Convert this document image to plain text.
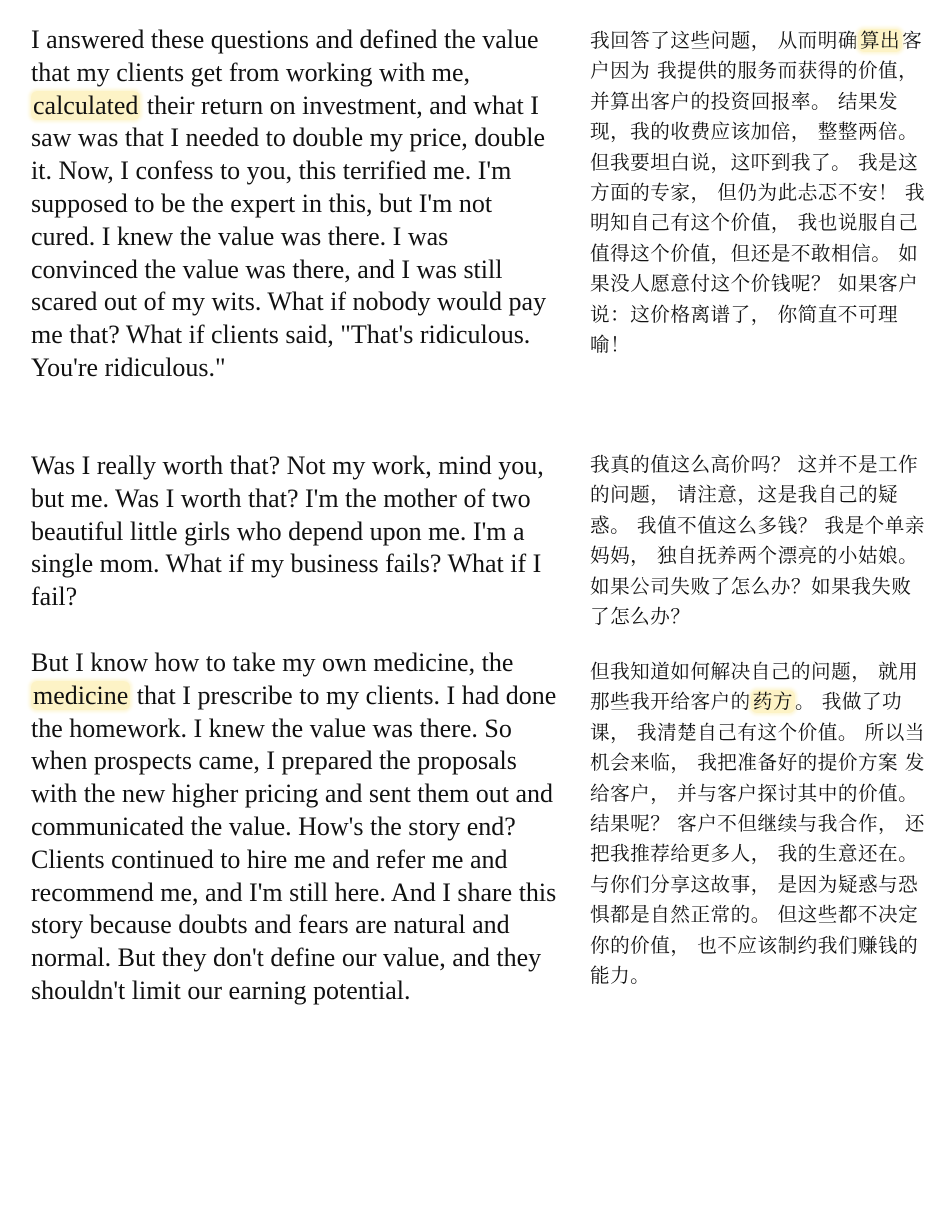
I answered these questions and defined the value that my clients get from working with me, calculated their return on investment, and what I saw was that I needed to double my price, double it. Now, I confess to you, this terrified me. I'm supposed to be the expert in this, but I'm not cured. I knew the value was there. I was convinced the value was there, and I was still scared out of my wits. What if nobody would pay me that? What if clients said, "That's ridiculous. You're ridiculous."

Was I really worth that? Not my work, mind you, but me. Was I worth that? I'm the mother of two beautiful little girls who depend upon me. I'm a single mom. What if my business fails? What if I fail?

But I know how to take my own medicine, the medicine that I prescribe to my clients. I had done the homework. I knew the value was there. So when prospects came, I prepared the proposals with the new higher pricing and sent them out and communicated the value. How's the story end? Clients continued to hire me and refer me and recommend me, and I'm still here. And I share this story because doubts and fears are natural and normal. But they don't define our value, and they shouldn't limit our earning potential.

我回答了这些问题， 从而明确 算出 客户因为 我提供的服务而获得的价值， 并算出客户的投资回报率。 结果发现，我的收费应该加倍， 整整两倍。 但我要坦白说，这吓到我了。 我是这方面的专家， 但仍为此忐忑不安！ 我明知自己有这个价值， 我也说服自己值得这个价值，但还是不敢相信。 如果没人愿意付这个价钱呢？ 如果客户说：这价格离谱了， 你简直不可理喻！

我真的值这么高价吗？ 这并不是工作的问题， 请注意，这是我自己的疑惑。 我值不值这么多钱？ 我是个单亲妈妈， 独自抚养两个漂亮的小姑娘。 如果公司失败了怎么办？如果我失败了怎么办？

但我知道如何解决自己的问题， 就用那些我开给客户的 药方 。 我做了功课， 我清楚自己有这个价值。 所以当机会来临， 我把准备好的提价方案 发给客户， 并与客户探讨其中的价值。 结果呢？ 客户不但继续与我合作， 还把我推荐给更多人， 我的生意还在。 与你们分享这故事， 是因为疑惑与恐惧都是自然正常的。 但这些都不决定你的价值， 也不应该制约我们赚钱的能力。
